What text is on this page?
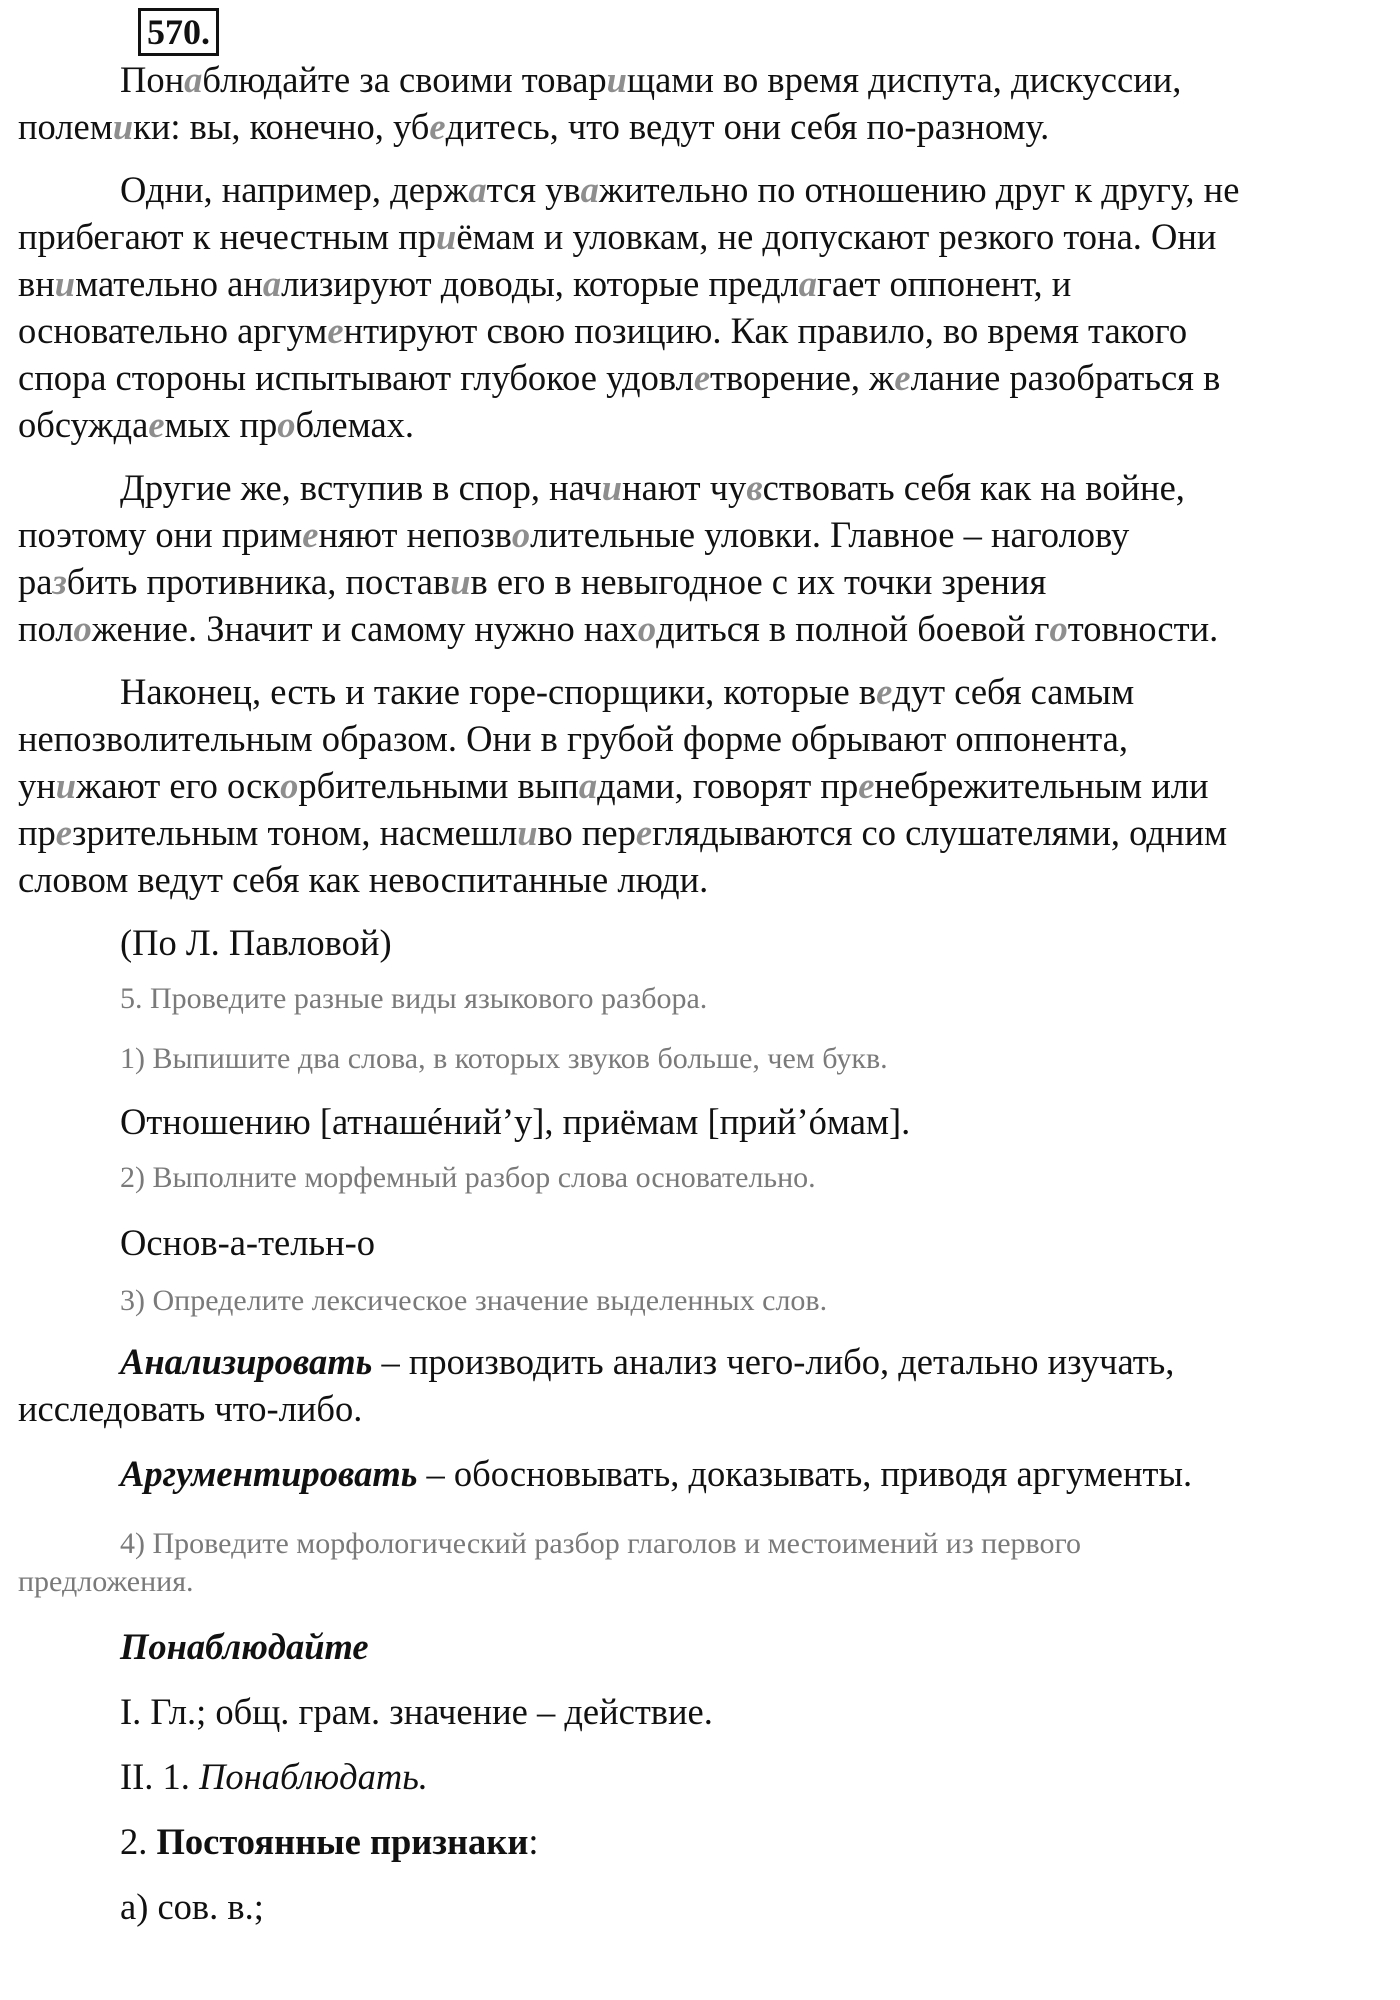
570.

Понаблюдайте за своими товарищами во время диспута, дискуссии,
полемики: вы, конечно, убедитесь, что ведут они себя по-разному.

Одни, например, держатся уважительно по отношению друг к другу, не
прибегают к нечестным приёмам и уловкам, не допускают резкого тона. Они
внимательно анализируют доводы, которые предлагает оппонент, и
основательно аргументируют свою позицию. Как правило, во время такого
спора стороны испытывают глубокое удовлетворение, желание разобраться в
обсуждаемых проблемах.

Другие же, вступив в спор, начинают чувствовать себя как на войне,
поэтому они применяют непозволительные уловки. Главное – наголову
разбить противника, поставив его в невыгодное с их точки зрения
положение. Значит и самому нужно находиться в полной боевой готовности.

Наконец, есть и такие горе-спорщики, которые ведут себя самым
непозволительным образом. Они в грубой форме обрывают оппонента,
унижают его оскорбительными выпадами, говорят пренебрежительным или
презрительным тоном, насмешливо переглядываются со слушателями, одним
словом ведут себя как невоспитанные люди.

(По Л. Павловой)

5. Проведите разные виды языкового разбора.

1) Выпишите два слова, в которых звуков больше, чем букв.

Отношению [атнашéний’у], приёмам [прий’óмам].

2) Выполните морфемный разбор слова основательно.

Основ-а-тельн-о

3) Определите лексическое значение выделенных слов.

Анализировать – производить анализ чего-либо, детально изучать,
исследовать что-либо.

Аргументировать – обосновывать, доказывать, приводя аргументы.

4) Проведите морфологический разбор глаголов и местоимений из первого
предложения.

Понаблюдайте

I. Гл.; общ. грам. значение – действие.

II. 1. Понаблюдать.

2. Постоянные признаки:

а) сов. в.;
